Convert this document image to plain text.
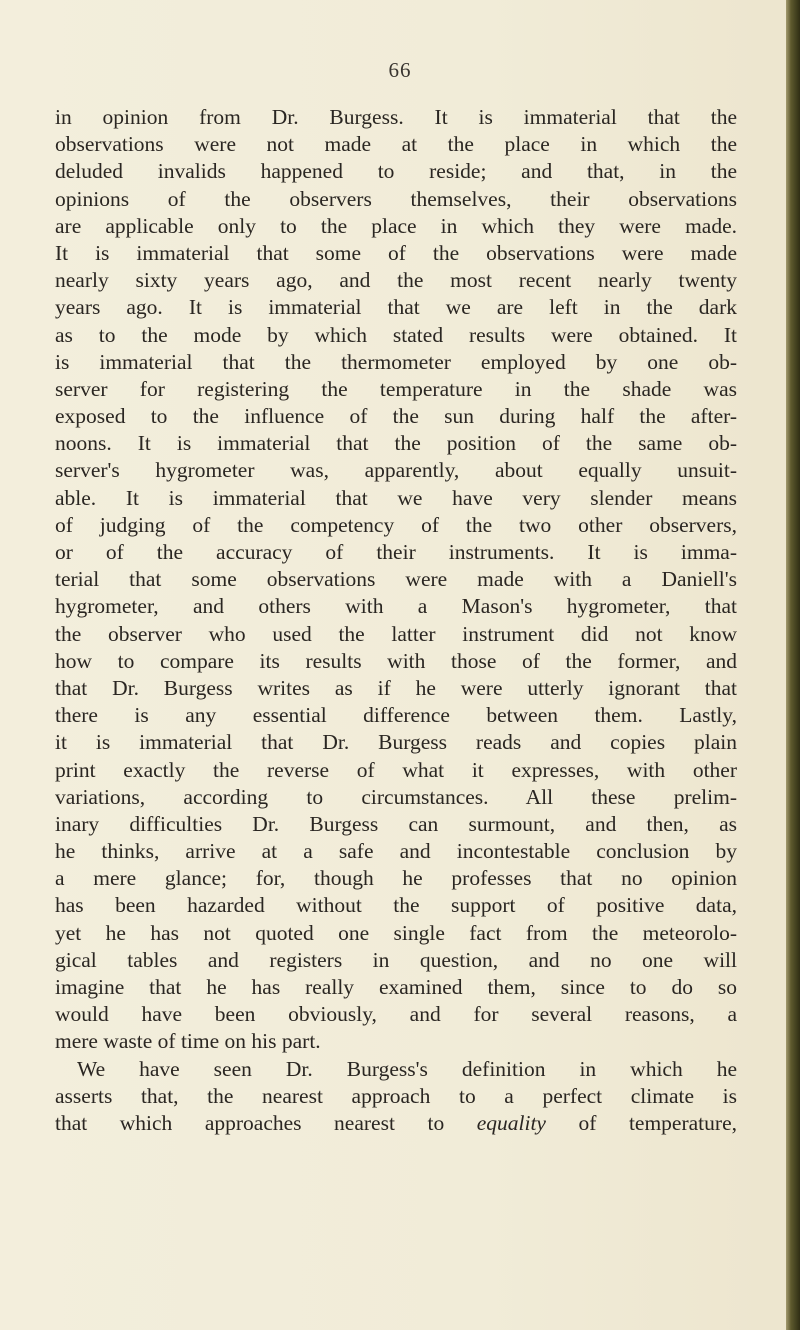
66
in opinion from Dr. Burgess. It is immaterial that the
observations were not made at the place in which the
deluded invalids happened to reside; and that, in the
opinions of the observers themselves, their observations
are applicable only to the place in which they were made.
It is immaterial that some of the observations were made
nearly sixty years ago, and the most recent nearly twenty
years ago. It is immaterial that we are left in the dark
as to the mode by which stated results were obtained. It
is immaterial that the thermometer employed by one ob-
server for registering the temperature in the shade was
exposed to the influence of the sun during half the after-
noons. It is immaterial that the position of the same ob-
server's hygrometer was, apparently, about equally unsuit-
able. It is immaterial that we have very slender means
of judging of the competency of the two other observers,
or of the accuracy of their instruments. It is imma-
terial that some observations were made with a Daniell's
hygrometer, and others with a Mason's hygrometer, that
the observer who used the latter instrument did not know
how to compare its results with those of the former, and
that Dr. Burgess writes as if he were utterly ignorant that
there is any essential difference between them. Lastly,
it is immaterial that Dr. Burgess reads and copies plain
print exactly the reverse of what it expresses, with other
variations, according to circumstances. All these prelim-
inary difficulties Dr. Burgess can surmount, and then, as
he thinks, arrive at a safe and incontestable conclusion by
a mere glance; for, though he professes that no opinion
has been hazarded without the support of positive data,
yet he has not quoted one single fact from the meteorolo-
gical tables and registers in question, and no one will
imagine that he has really examined them, since to do so
would have been obviously, and for several reasons, a
mere waste of time on his part.
We have seen Dr. Burgess's definition in which he
asserts that, the nearest approach to a perfect climate is
that which approaches nearest to equality of temperature,
